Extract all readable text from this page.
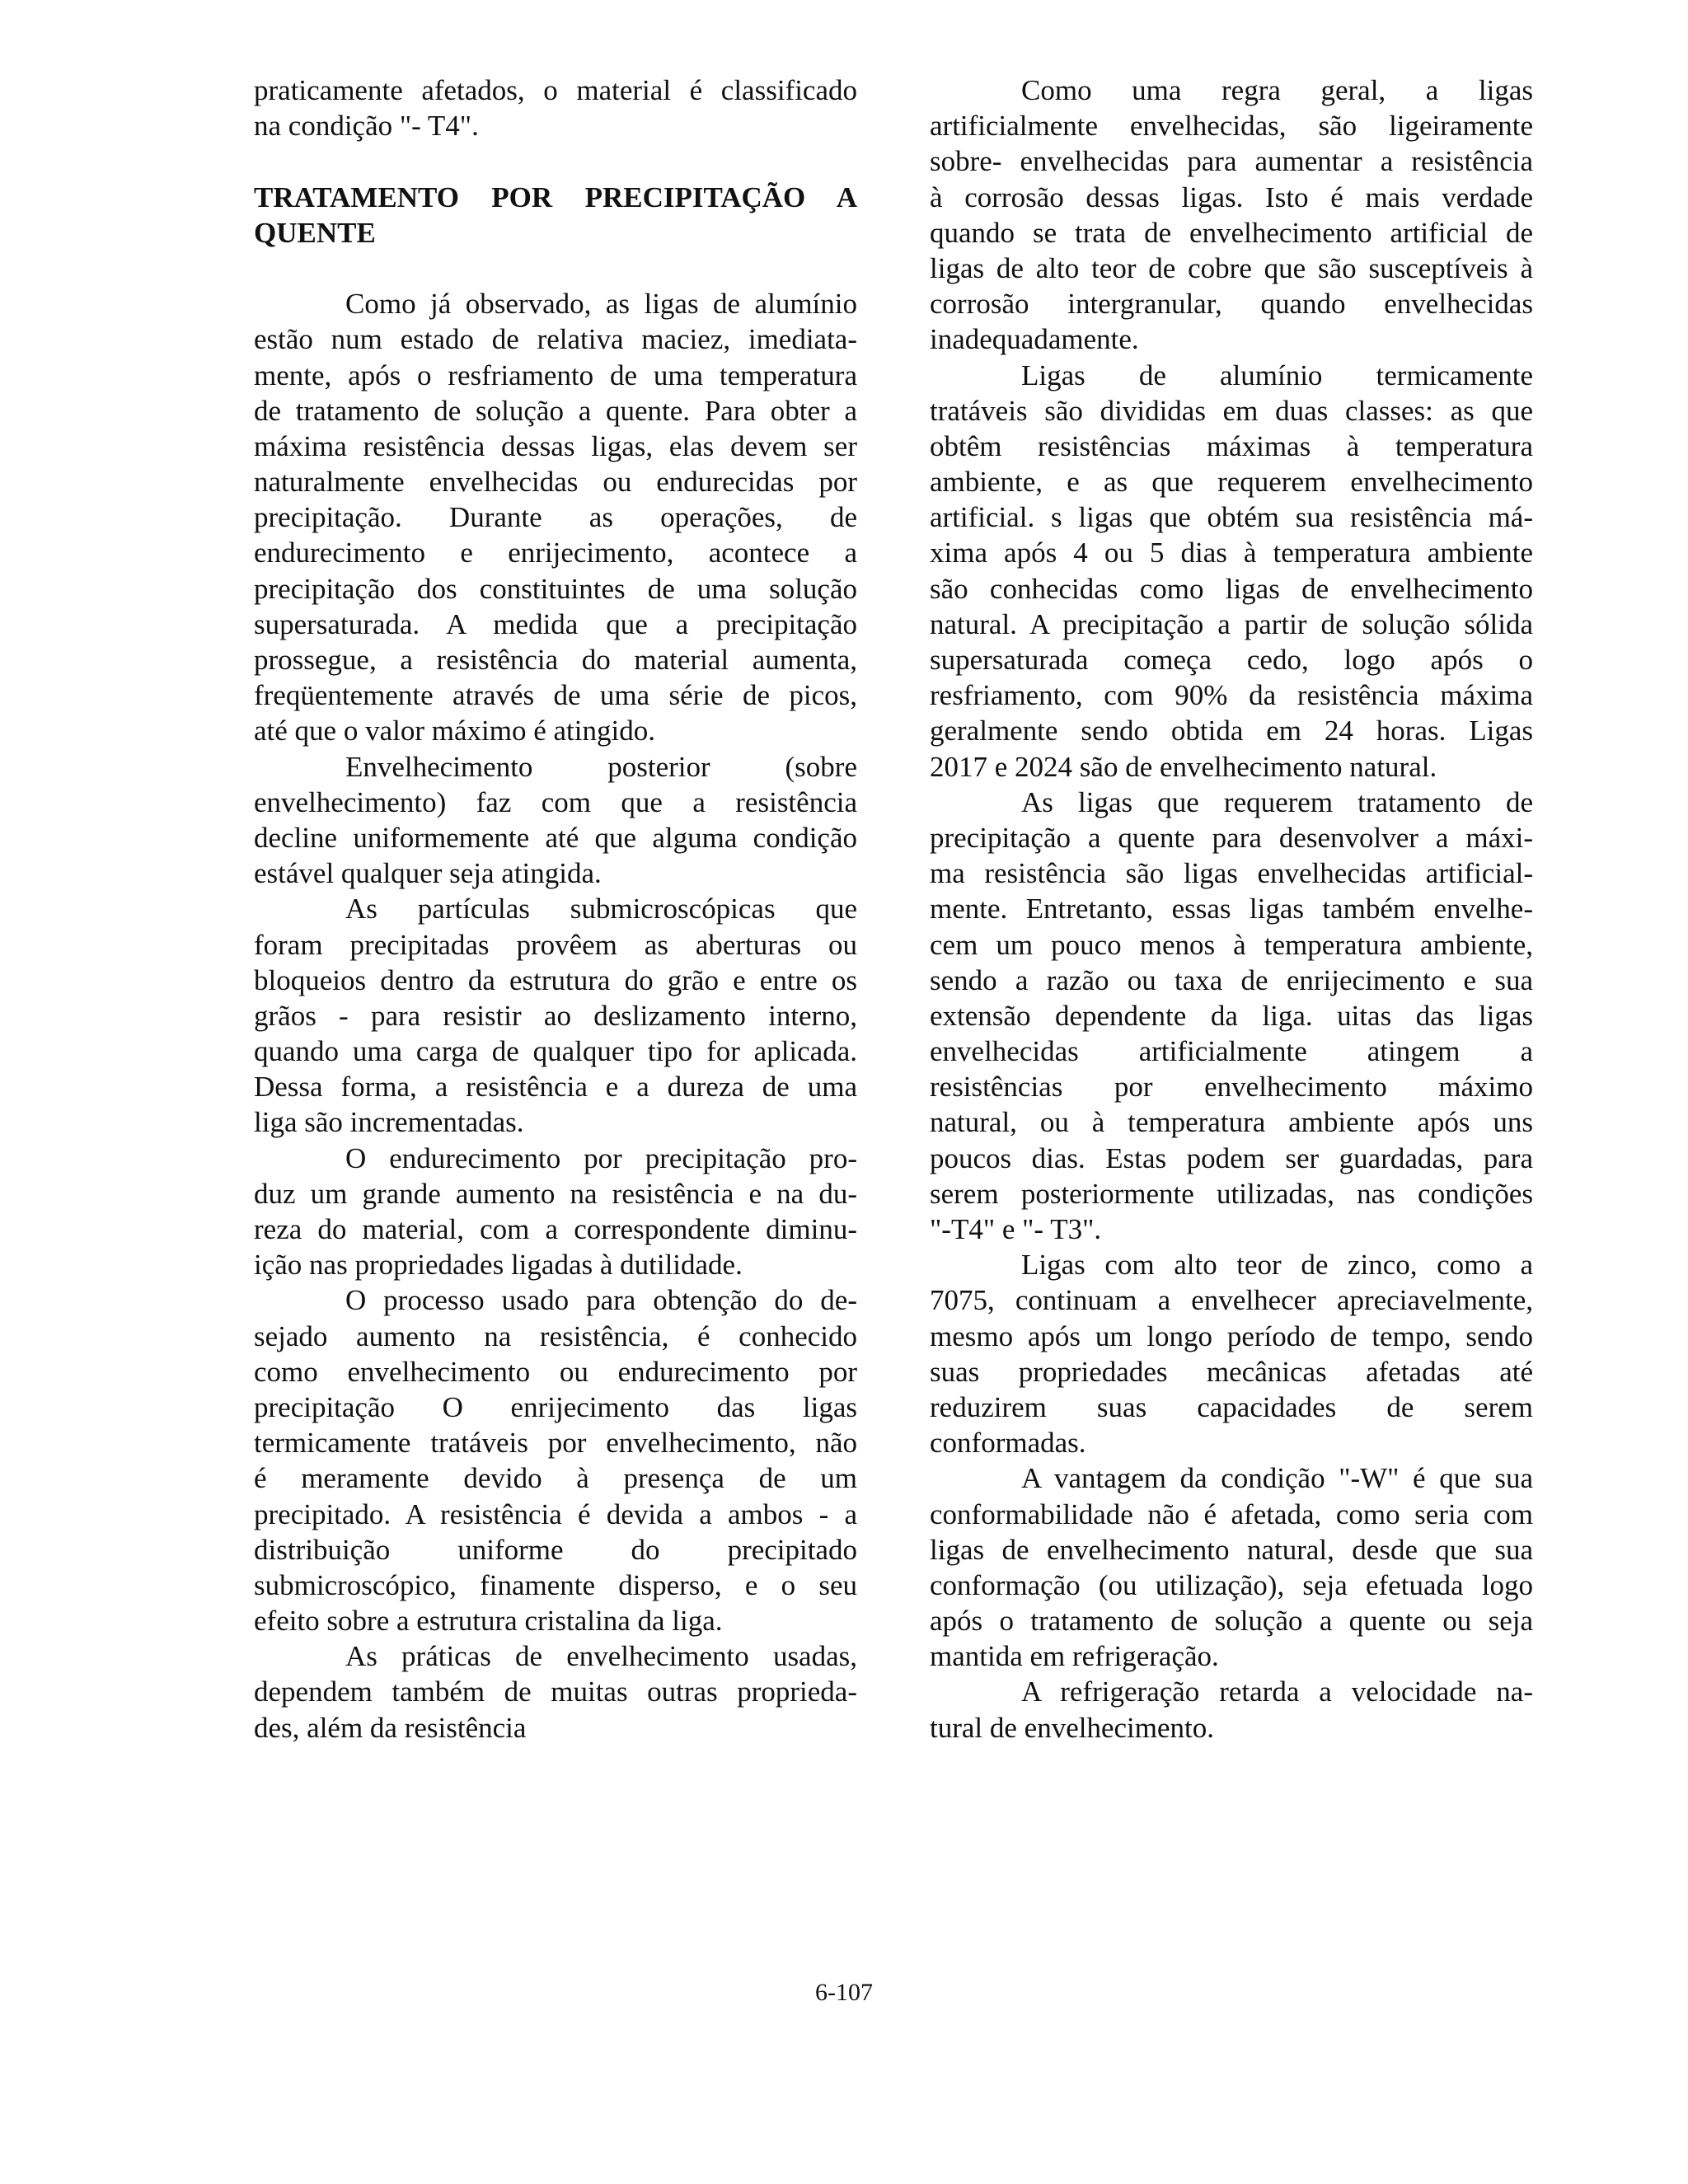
praticamente afetados, o material é classificado
na condição "- T4".
TRATAMENTO POR PRECIPITAÇÃO A
QUENTE
Como já observado, as ligas de alumínio
estão num estado de relativa maciez, imediata-
mente, após o resfriamento de uma temperatura
de tratamento de solução a quente. Para obter a
máxima resistência dessas ligas, elas devem ser
naturalmente envelhecidas ou endurecidas por
precipitação. Durante as operações, de
endurecimento e enrijecimento, acontece a
precipitação dos constituintes de uma solução
supersaturada. A medida que a precipitação
prossegue, a resistência do material aumenta,
freqüentemente através de uma série de picos,
até que o valor máximo é atingido.
Envelhecimento posterior (sobre
envelhecimento) faz com que a resistência
decline uniformemente até que alguma condição
estável qualquer seja atingida.
As partículas submicroscópicas que
foram precipitadas provêem as aberturas ou
bloqueios dentro da estrutura do grão e entre os
grãos - para resistir ao deslizamento interno,
quando uma carga de qualquer tipo for aplicada.
Dessa forma, a resistência e a dureza de uma
liga são incrementadas.
O endurecimento por precipitação pro-
duz um grande aumento na resistência e na du-
reza do material, com a correspondente diminu-
ição nas propriedades ligadas à dutilidade.
O processo usado para obtenção do de-
sejado aumento na resistência, é conhecido
como envelhecimento ou endurecimento por
precipitação O enrijecimento das ligas
termicamente tratáveis por envelhecimento, não
é meramente devido à presença de um
precipitado. A resistência é devida a ambos - a
distribuição uniforme do precipitado
submicroscópico, finamente disperso, e o seu
efeito sobre a estrutura cristalina da liga.
As práticas de envelhecimento usadas,
dependem também de muitas outras proprieda-
des, além da resistência
Como uma regra geral, a ligas
artificialmente envelhecidas, são ligeiramente
sobre- envelhecidas para aumentar a resistência
à corrosão dessas ligas. Isto é mais verdade
quando se trata de envelhecimento artificial de
ligas de alto teor de cobre que são susceptíveis à
corrosão intergranular, quando envelhecidas
inadequadamente.
Ligas de alumínio termicamente
tratáveis são divididas em duas classes: as que
obtêm resistências máximas à temperatura
ambiente, e as que requerem envelhecimento
artificial. s ligas que obtém sua resistência má-
xima após 4 ou 5 dias à temperatura ambiente
são conhecidas como ligas de envelhecimento
natural. A precipitação a partir de solução sólida
supersaturada começa cedo, logo após o
resfriamento, com 90% da resistência máxima
geralmente sendo obtida em 24 horas. Ligas
2017 e 2024 são de envelhecimento natural.
As ligas que requerem tratamento de
precipitação a quente para desenvolver a máxi-
ma resistência são ligas envelhecidas artificial-
mente. Entretanto, essas ligas também envelhe-
cem um pouco menos à temperatura ambiente,
sendo a razão ou taxa de enrijecimento e sua
extensão dependente da liga. uitas das ligas
envelhecidas artificialmente atingem a
resistências por envelhecimento máximo
natural, ou à temperatura ambiente após uns
poucos dias. Estas podem ser guardadas, para
serem posteriormente utilizadas, nas condições
"-T4" e "- T3".
Ligas com alto teor de zinco, como a
7075, continuam a envelhecer apreciavelmente,
mesmo após um longo período de tempo, sendo
suas propriedades mecânicas afetadas até
reduzirem suas capacidades de serem
conformadas.
A vantagem da condição "-W" é que sua
conformabilidade não é afetada, como seria com
ligas de envelhecimento natural, desde que sua
conformação (ou utilização), seja efetuada logo
após o tratamento de solução a quente ou seja
mantida em refrigeração.
A refrigeração retarda a velocidade na-
tural de envelhecimento.
6-107
